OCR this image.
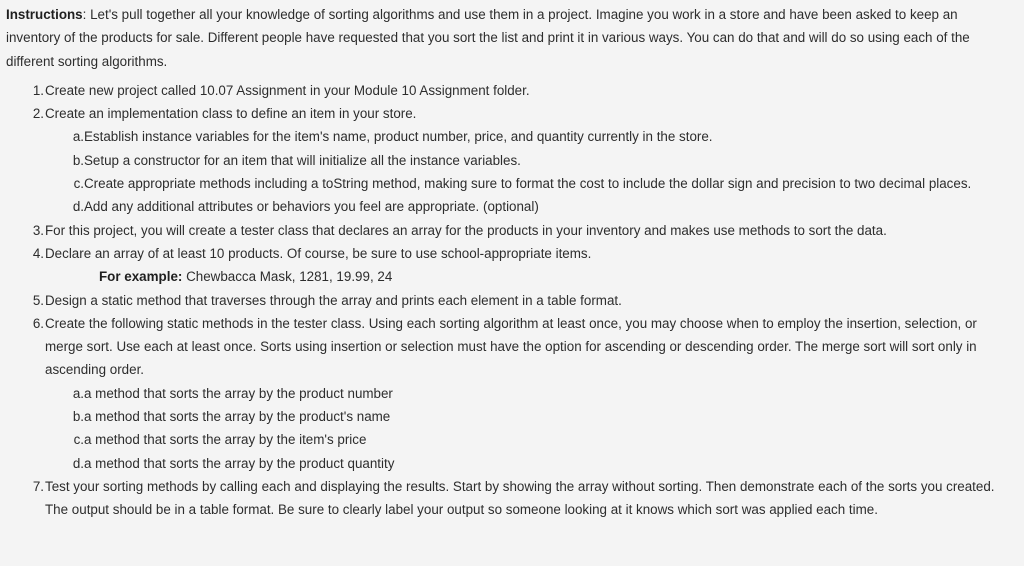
Instructions: Let's pull together all your knowledge of sorting algorithms and use them in a project. Imagine you work in a store and have been asked to keep an inventory of the products for sale. Different people have requested that you sort the list and print it in various ways. You can do that and will do so using each of the different sorting algorithms.

1. Create new project called 10.07 Assignment in your Module 10 Assignment folder.
2. Create an implementation class to define an item in your store.
a. Establish instance variables for the item's name, product number, price, and quantity currently in the store.
b. Setup a constructor for an item that will initialize all the instance variables.
c. Create appropriate methods including a toString method, making sure to format the cost to include the dollar sign and precision to two decimal places.
d. Add any additional attributes or behaviors you feel are appropriate. (optional)
3. For this project, you will create a tester class that declares an array for the products in your inventory and makes use methods to sort the data.
4. Declare an array of at least 10 products. Of course, be sure to use school-appropriate items.
For example: Chewbacca Mask, 1281, 19.99, 24
5. Design a static method that traverses through the array and prints each element in a table format.
6. Create the following static methods in the tester class. Using each sorting algorithm at least once, you may choose when to employ the insertion, selection, or merge sort. Use each at least once. Sorts using insertion or selection must have the option for ascending or descending order. The merge sort will sort only in ascending order.
a. a method that sorts the array by the product number
b. a method that sorts the array by the product's name
c. a method that sorts the array by the item's price
d. a method that sorts the array by the product quantity
7. Test your sorting methods by calling each and displaying the results. Start by showing the array without sorting. Then demonstrate each of the sorts you created. The output should be in a table format. Be sure to clearly label your output so someone looking at it knows which sort was applied each time.
